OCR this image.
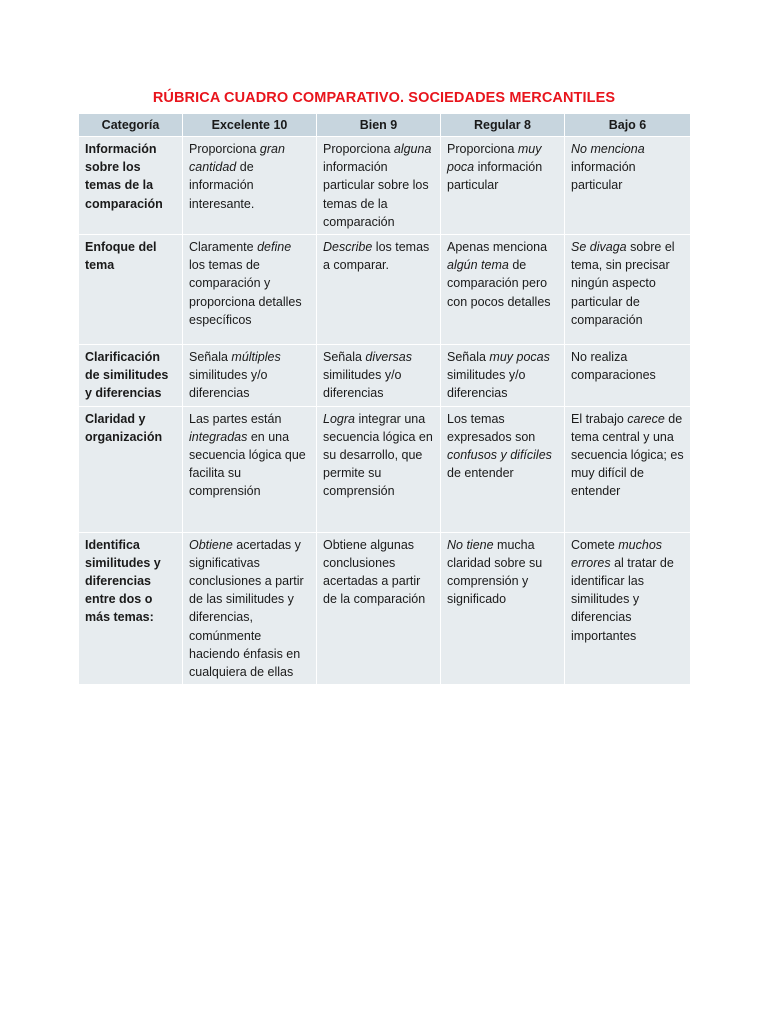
RÚBRICA CUADRO COMPARATIVO. SOCIEDADES MERCANTILES
Categoría	Excelente 10	Bien 9	Regular 8	Bajo 6
Información sobre los temas de la comparación	Proporciona gran cantidad de información interesante.	Proporciona alguna información particular sobre los temas de la comparación	Proporciona muy poca información particular	No menciona información particular
Enfoque del tema	Claramente define los temas de comparación y proporciona detalles específicos	Describe los temas a comparar.	Apenas menciona algún tema de comparación pero con pocos detalles	Se divaga sobre el tema, sin precisar ningún aspecto particular de comparación
Clarificación de similitudes y diferencias	Señala múltiples similitudes y/o diferencias	Señala diversas similitudes y/o diferencias	Señala muy pocas similitudes y/o diferencias	No realiza comparaciones
Claridad y organización	Las partes están integradas en una secuencia lógica que facilita su comprensión	Logra integrar una secuencia lógica en su desarrollo, que permite su comprensión	Los temas expresados son confusos y difíciles de entender	El trabajo carece de tema central y una secuencia lógica; es muy difícil de entender
Identifica similitudes y diferencias entre dos o más temas:	Obtiene acertadas y significativas conclusiones a partir de las similitudes y diferencias, comúnmente haciendo énfasis en cualquiera de ellas	Obtiene algunas conclusiones acertadas a partir de la comparación	No tiene mucha claridad sobre su comprensión y significado	Comete muchos errores al tratar de identificar las similitudes y diferencias importantes
